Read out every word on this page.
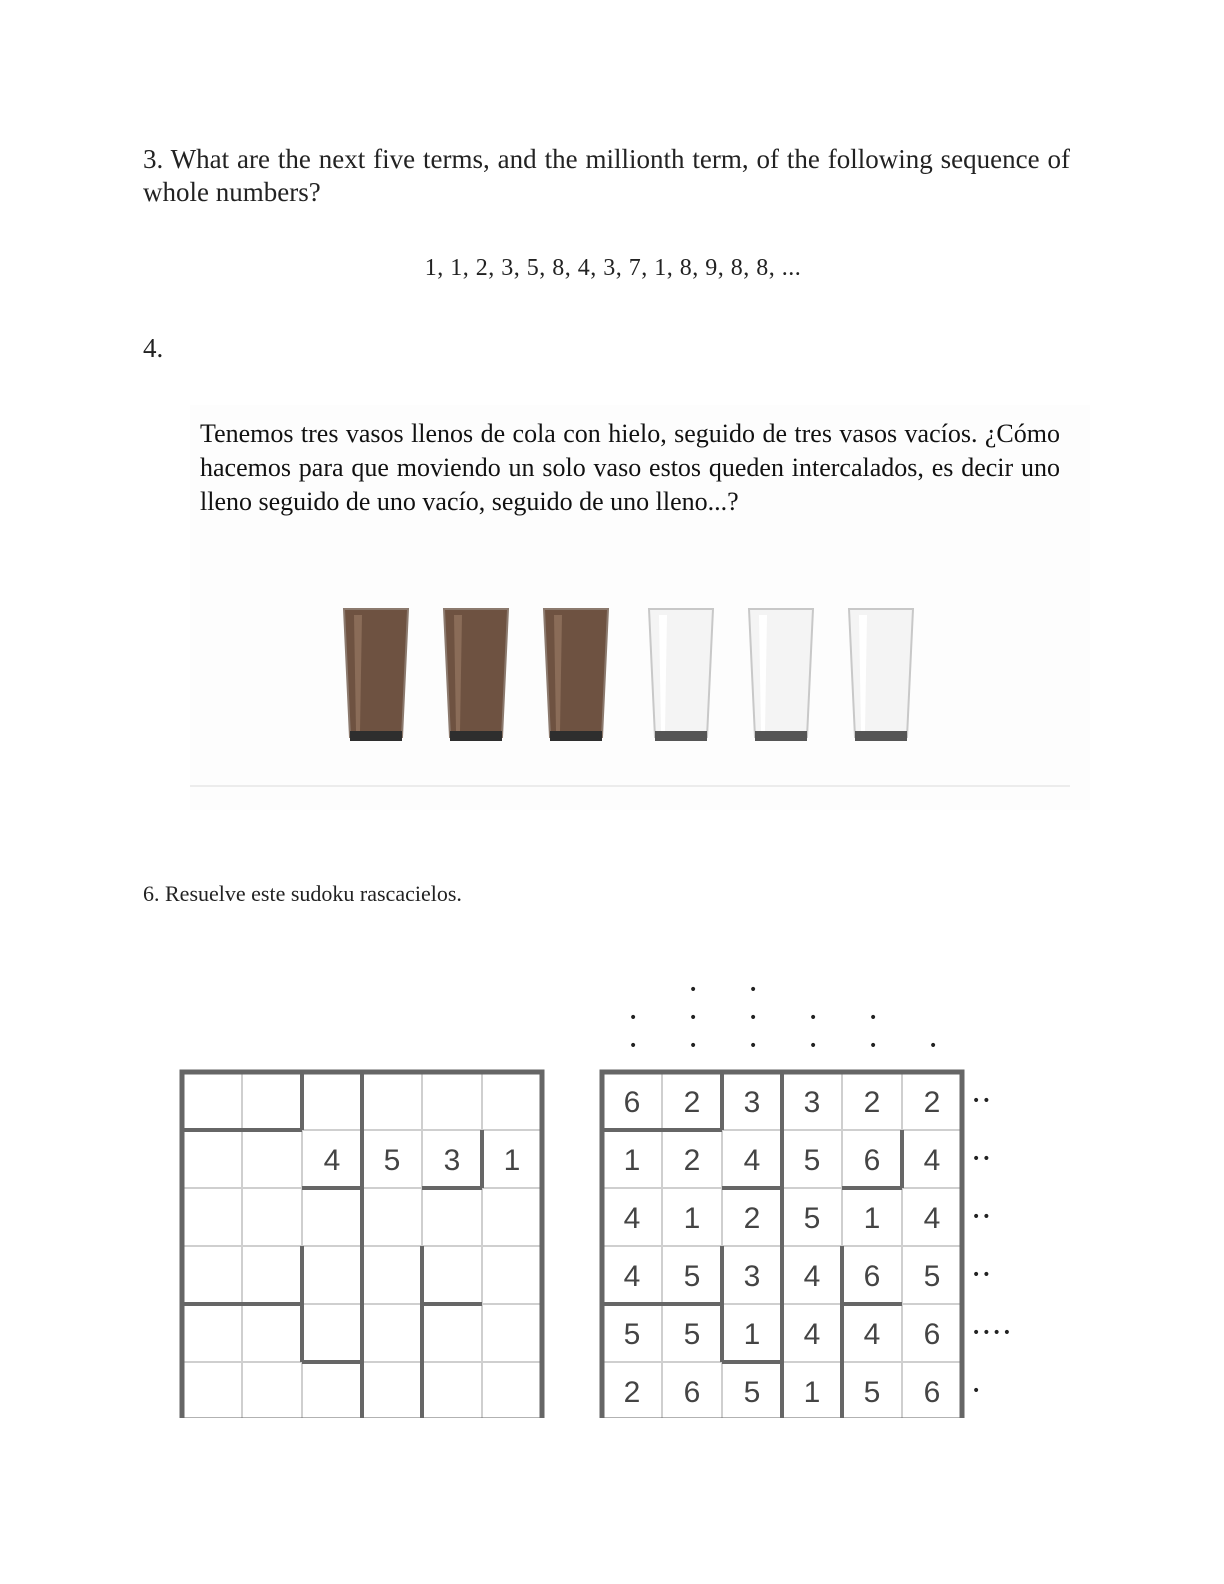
3. What are the next five terms, and the millionth term, of the following sequence of whole numbers?
1, 1, 2, 3, 5, 8, 4, 3, 7, 1, 8, 9, 8, 8, ...
4.
Tenemos tres vasos llenos de cola con hielo, seguido de tres vasos vacíos. ¿Cómo hacemos para que moviendo un solo vaso estos queden intercalados, es decir uno lleno seguido de uno vacío, seguido de uno lleno...?
6. Resuelve este sudoku rascacielos.
4 5 3 1
6 2 3 3 2 2
1 2 4 5 6 4
4 1 2 5 1 4
4 5 3 4 6 5
5 5 1 4 4 6
2 6 5 1 5 6
•
•
•
•
•
•
•
•
•
•
•
•	•
••
••
••
••
••••
•
